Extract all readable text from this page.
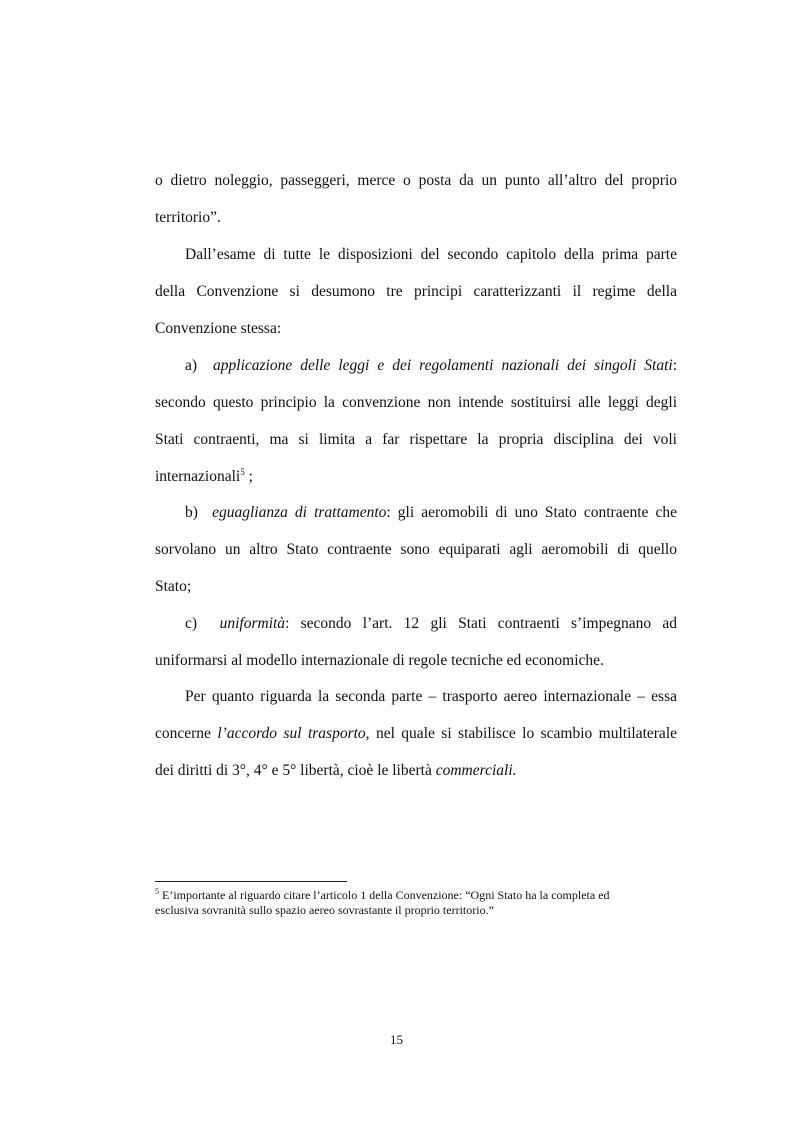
o dietro noleggio, passeggeri, merce o posta da un punto all’altro del proprio
territorio”.
Dall’esame di tutte le disposizioni del secondo capitolo della prima parte
della Convenzione si desumono tre principi caratterizzanti il regime della
Convenzione stessa:
a) applicazione delle leggi e dei regolamenti nazionali dei singoli Stati:
secondo questo principio la convenzione non intende sostituirsi alle leggi degli
Stati contraenti, ma si limita a far rispettare la propria disciplina dei voli
internazionali$^5$ ;
b) eguaglianza di trattamento: gli aeromobili di uno Stato contraente che
sorvolano un altro Stato contraente sono equiparati agli aeromobili di quello
Stato;
c) uniformità: secondo l’art. 12 gli Stati contraenti s’impegnano ad
uniformarsi al modello internazionale di regole tecniche ed economiche.
Per quanto riguarda la seconda parte – trasporto aereo internazionale – essa
concerne l’accordo sul trasporto, nel quale si stabilisce lo scambio multilaterale
dei diritti di 3°, 4° e 5° libertà, cioè le libertà commerciali.
$^5$ E’importante al riguardo citare l’articolo 1 della Convenzione: “Ogni Stato ha la completa ed
esclusiva sovranità sullo spazio aereo sovrastante il proprio territorio.”
15
